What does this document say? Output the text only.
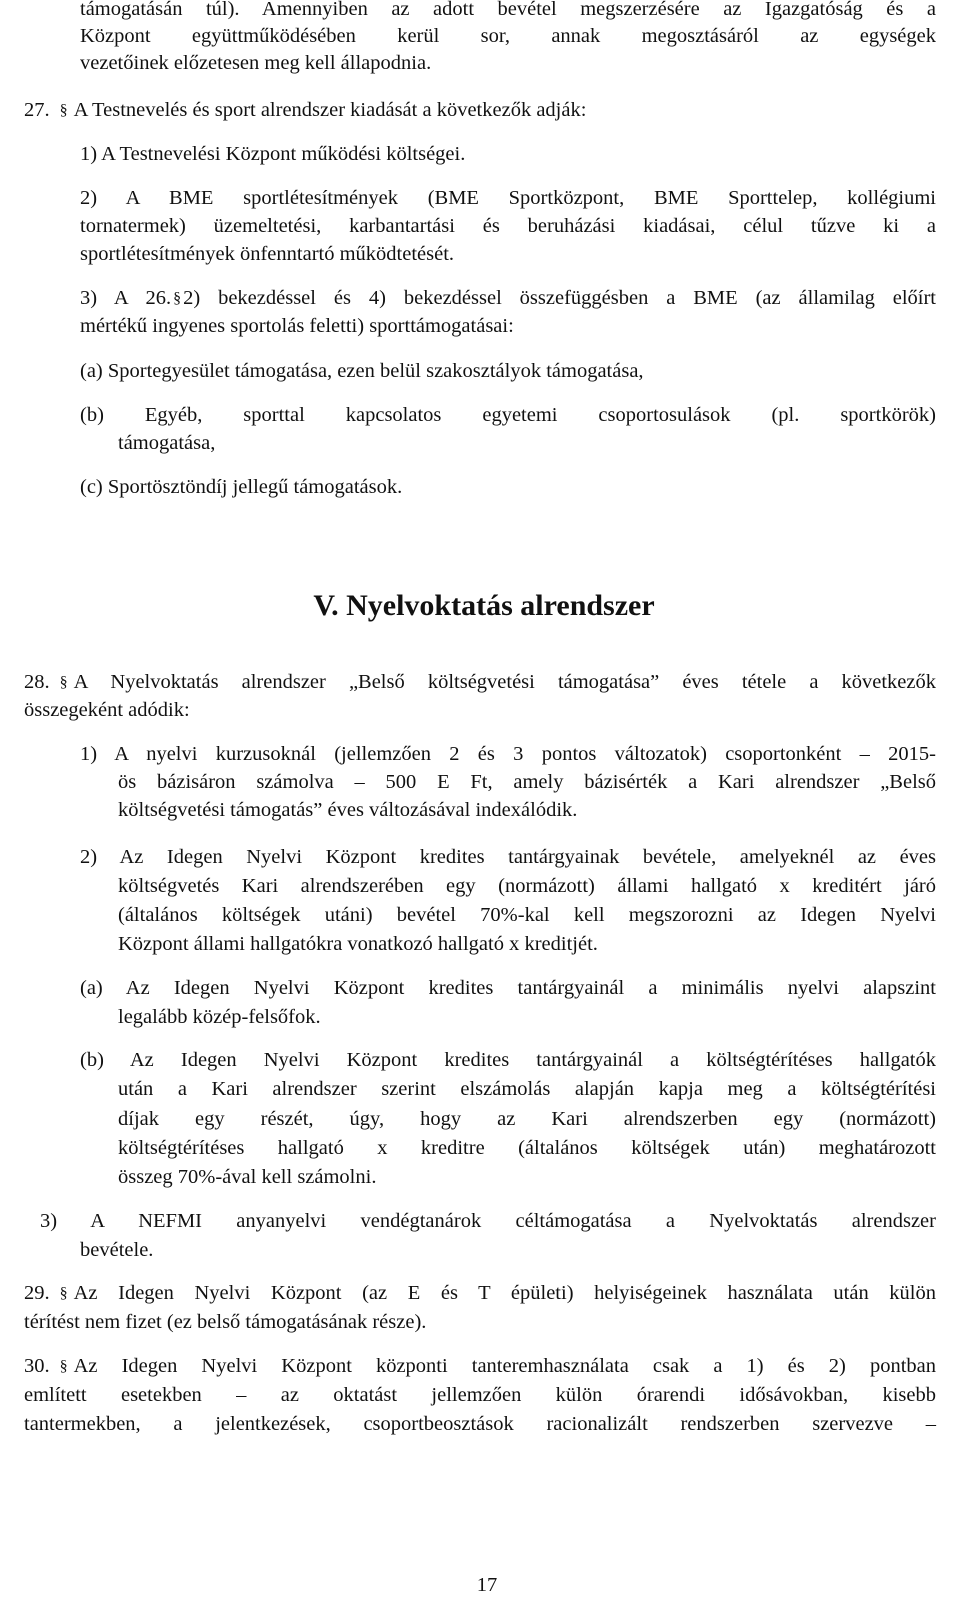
támogatásán túl). Amennyiben az adott bevétel megszerzésére az Igazgatóság és a
Központ együttműködésében kerül sor, annak megosztásáról az egységek
vezetőinek előzetesen meg kell állapodnia.
27. § A Testnevelés és sport alrendszer kiadását a következők adják:
1) A Testnevelési Központ működési költségei.
2) A BME sportlétesítmények (BME Sportközpont, BME Sporttelep, kollégiumi
tornatermek) üzemeltetési, karbantartási és beruházási kiadásai, célul tűzve ki a
sportlétesítmények önfenntartó működtetését.
3) A 26. §2) bekezdéssel és 4) bekezdéssel összefüggésben a BME (az államilag előírt
mértékű ingyenes sportolás feletti) sporttámogatásai:
(a) Sportegyesület támogatása, ezen belül szakosztályok támogatása,
(b) Egyéb, sporttal kapcsolatos egyetemi csoportosulások (pl. sportkörök)
támogatása,
(c) Sportösztöndíj jellegű támogatások.
V. Nyelvoktatás alrendszer
28. § A Nyelvoktatás alrendszer „Belső költségvetési támogatása” éves tétele a következők
összegeként adódik:
1) A nyelvi kurzusoknál (jellemzően 2 és 3 pontos változatok) csoportonként – 2015-
ös bázisáron számolva – 500 E Ft, amely bázisérték a Kari alrendszer „Belső
költségvetési támogatás” éves változásával indexálódik.
2) Az Idegen Nyelvi Központ kredites tantárgyainak bevétele, amelyeknél az éves
költségvetés Kari alrendszerében egy (normázott) állami hallgató x kreditért járó
(általános költségek utáni) bevétel 70%-kal kell megszorozni az Idegen Nyelvi
Központ állami hallgatókra vonatkozó hallgató x kreditjét.
(a) Az Idegen Nyelvi Központ kredites tantárgyainál a minimális nyelvi alapszint
legalább közép-felsőfok.
(b) Az Idegen Nyelvi Központ kredites tantárgyainál a költségtérítéses hallgatók
után a Kari alrendszer szerint elszámolás alapján kapja meg a költségtérítési
díjak egy részét, úgy, hogy az Kari alrendszerben egy (normázott)
költségtérítéses hallgató x kreditre (általános költségek után) meghatározott
összeg 70%-ával kell számolni.
3) A NEFMI anyanyelvi vendégtanárok céltámogatása a Nyelvoktatás alrendszer
bevétele.
29. § Az Idegen Nyelvi Központ (az E és T épületi) helyiségeinek használata után külön
térítést nem fizet (ez belső támogatásának része).
30. § Az Idegen Nyelvi Központ központi tanteremhasználata csak a 1) és 2) pontban
említett esetekben – az oktatást jellemzően külön órarendi idősávokban, kisebb
tantermekben, a jelentkezések, csoportbeosztások racionalizált rendszerben szervezve –
17
